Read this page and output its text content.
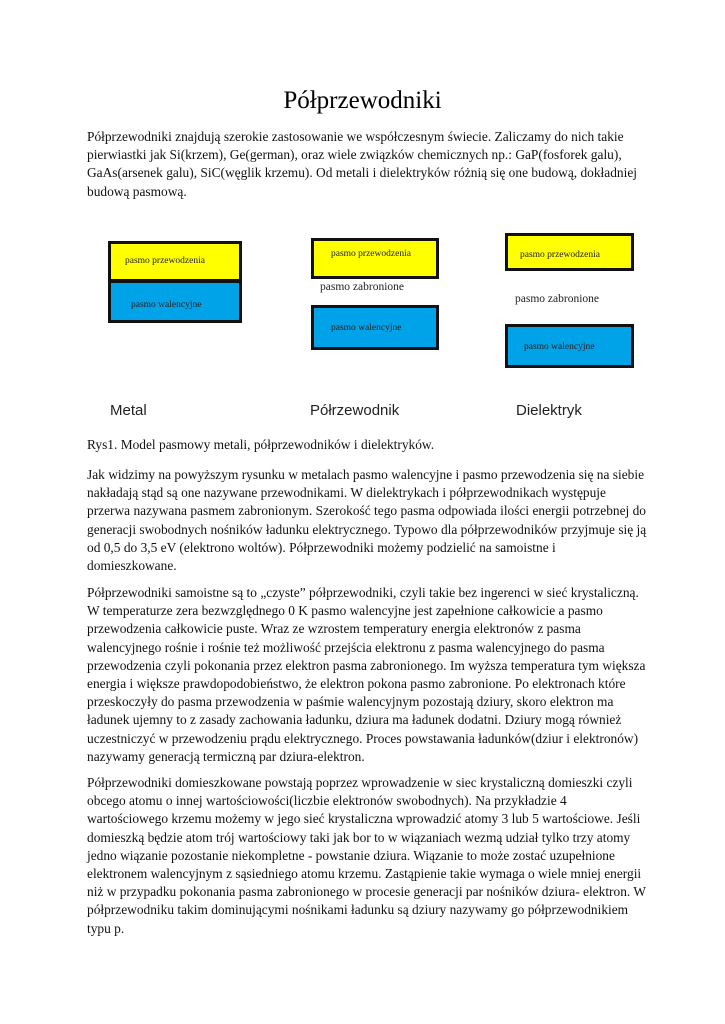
Półprzewodniki

Półprzewodniki znajdują szerokie zastosowanie we współczesnym świecie. Zaliczamy do nich takie pierwiastki jak Si(krzem), Ge(german), oraz wiele związków chemicznych np.: GaP(fosforek galu), GaAs(arsenek galu), SiC(węglik krzemu). Od metali i dielektryków różnią się one budową, dokładniej budową pasmową.

pasmo przewodzenia
pasmo walencyjne
Metal
pasmo przewodzenia
pasmo zabronione
pasmo walencyjne
Półrzewodnik
pasmo przewodzenia
pasmo zabronione
pasmo walencyjne
Dielektryk

Rys1. Model pasmowy metali, półprzewodników i dielektryków.

Jak widzimy na powyższym rysunku w metalach pasmo walencyjne i pasmo przewodzenia się na siebie nakładają stąd są one nazywane przewodnikami. W dielektrykach i półprzewodnikach występuje przerwa nazywana pasmem zabronionym. Szerokość tego pasma odpowiada ilości energii potrzebnej do generacji swobodnych nośników ładunku elektrycznego. Typowo dla półprzewodników przyjmuje się ją od 0,5 do 3,5 eV (elektrono woltów). Półprzewodniki możemy podzielić na samoistne i domieszkowane.

Półprzewodniki samoistne są to „czyste” półprzewodniki, czyli takie bez ingerenci w sieć krystaliczną. W temperaturze zera bezwzględnego 0 K pasmo walencyjne jest zapełnione całkowicie a pasmo przewodzenia całkowicie puste. Wraz ze wzrostem temperatury energia elektronów z pasma walencyjnego rośnie i rośnie też możliwość przejścia elektronu z pasma walencyjnego do pasma przewodzenia czyli pokonania przez elektron pasma zabronionego. Im wyższa temperatura tym większa energia i większe prawdopodobieństwo, że elektron pokona pasmo zabronione. Po elektronach które przeskoczyły do pasma przewodzenia w paśmie walencyjnym pozostają dziury, skoro elektron ma ładunek ujemny to z zasady zachowania ładunku, dziura ma ładunek dodatni. Dziury mogą również uczestniczyć w przewodzeniu prądu elektrycznego. Proces powstawania ładunków(dziur i elektronów) nazywamy generacją termiczną par dziura-elektron.

Półprzewodniki domieszkowane powstają poprzez wprowadzenie w siec krystaliczną domieszki czyli obcego atomu o innej wartościowości(liczbie elektronów swobodnych). Na przykładzie 4 wartościowego krzemu możemy w jego sieć krystaliczna wprowadzić atomy 3 lub 5 wartościowe. Jeśli domieszką będzie atom trój wartościowy taki jak bor to w wiązaniach wezmą udział tylko trzy atomy jedno wiązanie pozostanie niekompletne - powstanie dziura. Wiązanie to może zostać uzupełnione elektronem walencyjnym z sąsiedniego atomu krzemu. Zastąpienie takie wymaga o wiele mniej energii niż w przypadku pokonania pasma zabronionego w procesie generacji par nośników dziura- elektron. W półprzewodniku takim dominującymi nośnikami ładunku są dziury nazywamy go półprzewodnikiem typu p.
